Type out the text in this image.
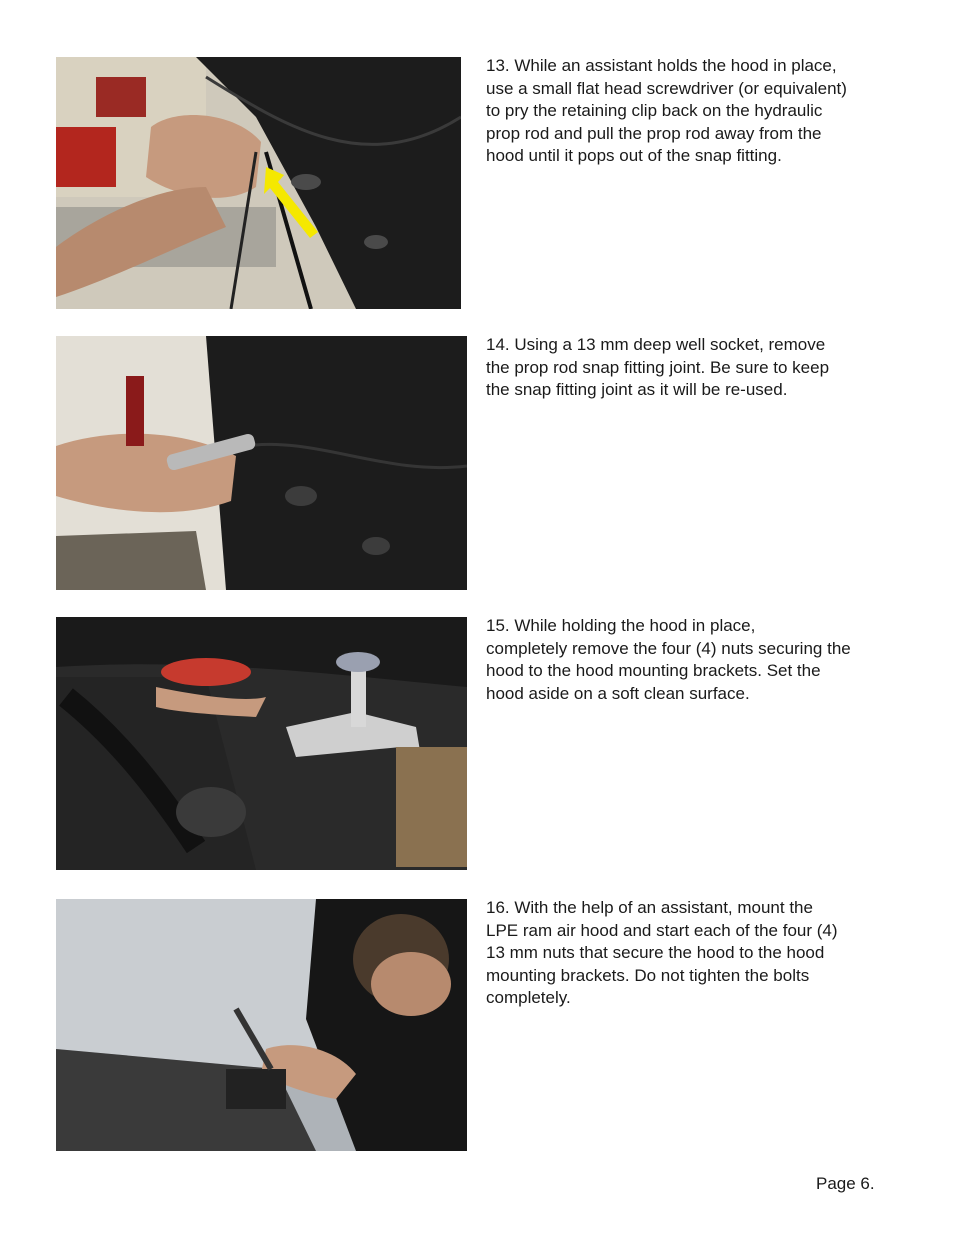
13. While an assistant holds the hood in place,
use a small flat head screwdriver (or equivalent)
to pry the retaining clip back on the hydraulic
prop rod and pull the prop rod away from the
hood until it pops out of the snap fitting.

14. Using a 13 mm deep well socket, remove
the prop rod snap fitting joint. Be sure to keep
the snap fitting joint as it will be re-used.

15. While holding the hood in place,
completely remove the four (4) nuts securing the
hood to the hood mounting brackets. Set the
hood aside on a soft clean surface.

16. With the help of an assistant, mount the
LPE ram air hood and start each of the four (4)
13 mm nuts that secure the hood to the hood
mounting brackets. Do not tighten the bolts
completely.

Page 6.
